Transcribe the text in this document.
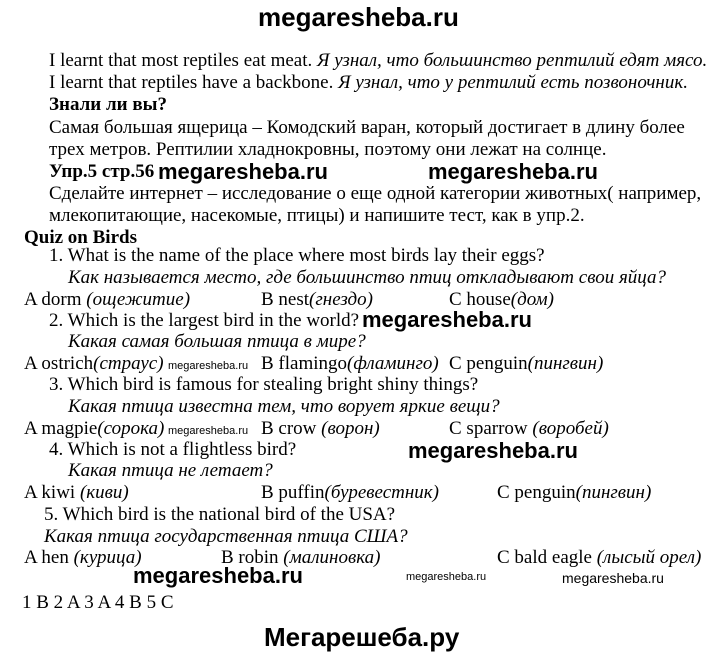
megaresheba.ru
I learnt that most reptiles eat meat. Я узнал, что большинство рептилий едят мясо.
I learnt that reptiles have a backbone. Я узнал, что у рептилий есть позвоночник.
Знали ли вы?
Самая большая ящерица – Комодский варан, который достигает в длину более
трех метров. Рептилии хладнокровны, поэтому они лежат на солнце.
Упр.5 стр.56 megaresheba.ru	megaresheba.ru
Сделайте интернет – исследование о еще одной категории животных( например,
млекопитающие, насекомые, птицы) и напишите тест, как в упр.2.
Quiz on Birds
1. What is the name of the place where most birds lay their eggs?
Как называется место, где большинство птиц откладывают свои яйца?
A dorm (ощежитие)	B nest(гнездо)	C house(дом)
2. Which is the largest bird in the world? megaresheba.ru
Какая самая большая птица в мире?
A ostrich(страус) megaresheba.ru B flamingo(фламинго) C penguin(пингвин)
3. Which bird is famous for stealing bright shiny things?
Какая птица известна тем, что ворует яркие вещи?
A magpie(сорока) megaresheba.ru B crow (ворон)	C sparrow (воробей)
4. Which is not a flightless bird?	megaresheba.ru
Какая птица не летает?
A kiwi (киви)	B puffin(буревестник)	C penguin(пингвин)
5. Which bird is the national bird of the USA?
Какая птица государственная птица США?
A hen (курица)	B robin (малиновка)	C bald eagle (лысый орел)
megaresheba.ru	megaresheba.ru	megaresheba.ru
1 B 2 A 3 A 4 B 5 C
Мегарешеба.ру
